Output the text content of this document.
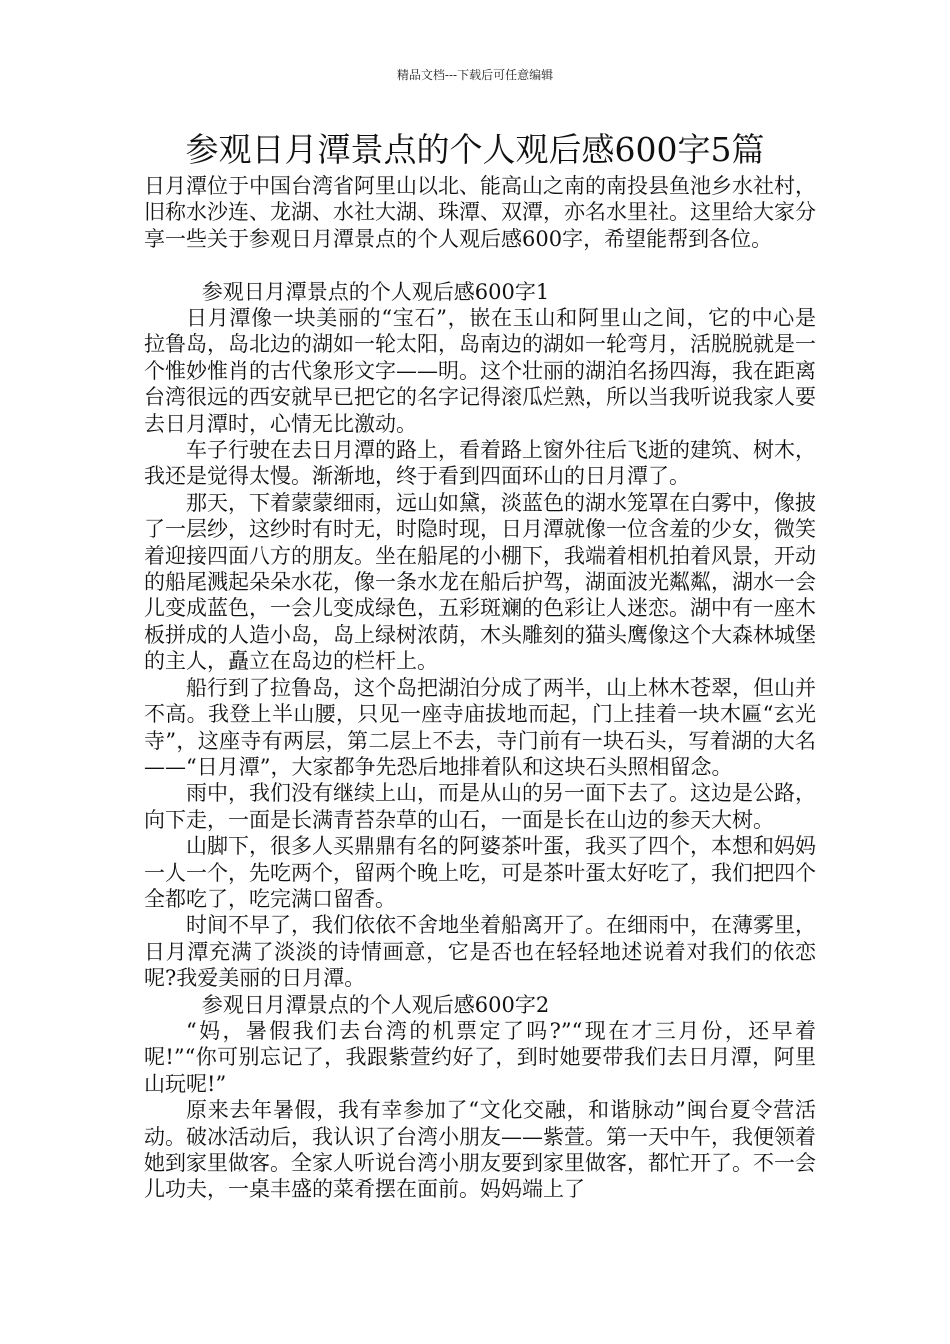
精品文档---下载后可任意编辑
参观日月潭景点的个人观后感600字5篇

日月潭位于中国台湾省阿里山以北、能高山之南的南投县鱼池乡水社村，旧称水沙连、龙湖、水社大湖、珠潭、双潭，亦名水里社。这里给大家分享一些关于参观日月潭景点的个人观后感600字，希望能帮到各位。

参观日月潭景点的个人观后感600字1

日月潭像一块美丽的“宝石”，嵌在玉山和阿里山之间，它的中心是拉鲁岛，岛北边的湖如一轮太阳，岛南边的湖如一轮弯月，活脱脱就是一个惟妙惟肖的古代象形文字——明。这个壮丽的湖泊名扬四海，我在距离台湾很远的西安就早已把它的名字记得滚瓜烂熟，所以当我听说我家人要去日月潭时，心情无比激动。

车子行驶在去日月潭的路上，看着路上窗外往后飞逝的建筑、树木，我还是觉得太慢。渐渐地，终于看到四面环山的日月潭了。

那天，下着蒙蒙细雨，远山如黛，淡蓝色的湖水笼罩在白雾中，像披了一层纱，这纱时有时无，时隐时现，日月潭就像一位含羞的少女，微笑着迎接四面八方的朋友。坐在船尾的小棚下，我端着相机拍着风景，开动的船尾溅起朵朵水花，像一条水龙在船后护驾，湖面波光粼粼，湖水一会儿变成蓝色，一会儿变成绿色，五彩斑斓的色彩让人迷恋。湖中有一座木板拼成的人造小岛，岛上绿树浓荫，木头雕刻的猫头鹰像这个大森林城堡的主人，矗立在岛边的栏杆上。

船行到了拉鲁岛，这个岛把湖泊分成了两半，山上林木苍翠，但山并不高。我登上半山腰，只见一座寺庙拔地而起，门上挂着一块木匾“玄光寺”，这座寺有两层，第二层上不去，寺门前有一块石头，写着湖的大名——“日月潭”，大家都争先恐后地排着队和这块石头照相留念。

雨中，我们没有继续上山，而是从山的另一面下去了。这边是公路，向下走，一面是长满青苔杂草的山石，一面是长在山边的参天大树。

山脚下，很多人买鼎鼎有名的阿婆茶叶蛋，我买了四个，本想和妈妈一人一个，先吃两个，留两个晚上吃，可是茶叶蛋太好吃了，我们把四个全都吃了，吃完满口留香。

时间不早了，我们依依不舍地坐着船离开了。在细雨中，在薄雾里，日月潭充满了淡淡的诗情画意，它是否也在轻轻地述说着对我们的依恋呢?我爱美丽的日月潭。

参观日月潭景点的个人观后感600字2

“妈，暑假我们去台湾的机票定了吗?”“现在才三月份，还早着呢!”“你可别忘记了，我跟紫萱约好了，到时她要带我们去日月潭，阿里山玩呢!”

原来去年暑假，我有幸参加了“文化交融，和谐脉动”闽台夏令营活动。破冰活动后，我认识了台湾小朋友——紫萱。第一天中午，我便领着她到家里做客。全家人听说台湾小朋友要到家里做客，都忙开了。不一会儿功夫，一桌丰盛的菜肴摆在面前。妈妈端上了
